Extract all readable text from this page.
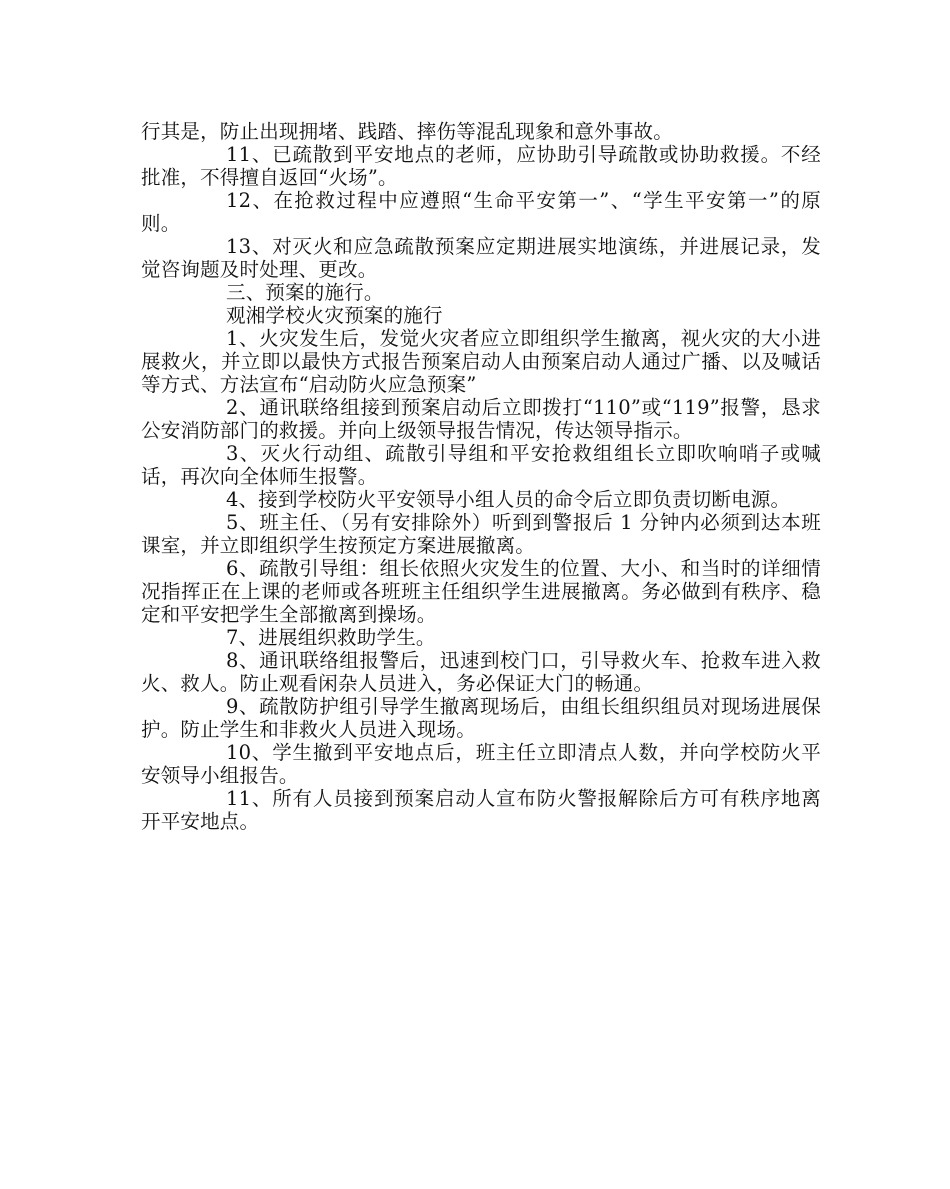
行其是，防止出现拥堵、践踏、摔伤等混乱现象和意外事故。

11、已疏散到平安地点的老师，应协助引导疏散或协助救援。不经批准，不得擅自返回“火场”。

12、在抢救过程中应遵照“生命平安第一”、“学生平安第一”的原则。

13、对灭火和应急疏散预案应定期进展实地演练，并进展记录，发觉咨询题及时处理、更改。

三、预案的施行。

观湘学校火灾预案的施行

1、火灾发生后，发觉火灾者应立即组织学生撤离，视火灾的大小进展救火，并立即以最快方式报告预案启动人由预案启动人通过广播、以及喊话等方式、方法宣布“启动防火应急预案”

2、通讯联络组接到预案启动后立即拨打“110”或“119”报警，恳求公安消防部门的救援。并向上级领导报告情况，传达领导指示。

3、灭火行动组、疏散引导组和平安抢救组组长立即吹响哨子或喊话，再次向全体师生报警。

4、接到学校防火平安领导小组人员的命令后立即负责切断电源。

5、班主任、（另有安排除外）听到到警报后 1 分钟内必须到达本班课室，并立即组织学生按预定方案进展撤离。

6、疏散引导组：组长依照火灾发生的位置、大小、和当时的详细情况指挥正在上课的老师或各班班主任组织学生进展撤离。务必做到有秩序、稳定和平安把学生全部撤离到操场。

7、进展组织救助学生。

8、通讯联络组报警后，迅速到校门口，引导救火车、抢救车进入救火、救人。防止观看闲杂人员进入，务必保证大门的畅通。

9、疏散防护组引导学生撤离现场后，由组长组织组员对现场进展保护。防止学生和非救火人员进入现场。

10、学生撤到平安地点后，班主任立即清点人数，并向学校防火平安领导小组报告。

11、所有人员接到预案启动人宣布防火警报解除后方可有秩序地离开平安地点。
